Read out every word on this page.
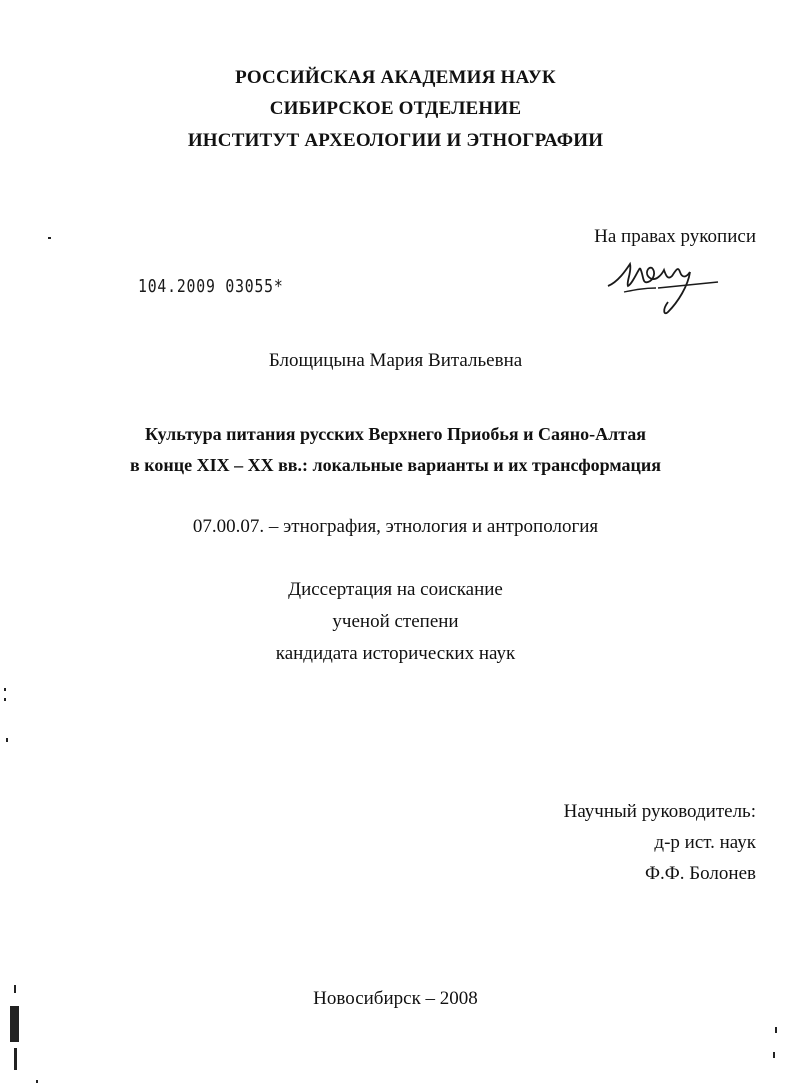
РОССИЙСКАЯ АКАДЕМИЯ НАУК
СИБИРСКОЕ ОТДЕЛЕНИЕ
ИНСТИТУТ АРХЕОЛОГИИ И ЭТНОГРАФИИ
На правах рукописи
104.2009 03055*
Блощицына Мария Витальевна
Культура питания русских Верхнего Приобья и Саяно-Алтая
в конце XIX – XX вв.: локальные варианты и их трансформация
07.00.07. – этнография, этнология и антропология
Диссертация на соискание
ученой степени
кандидата исторических наук
Научный руководитель:
д-р ист. наук
Ф.Ф. Болонев
Новосибирск – 2008
